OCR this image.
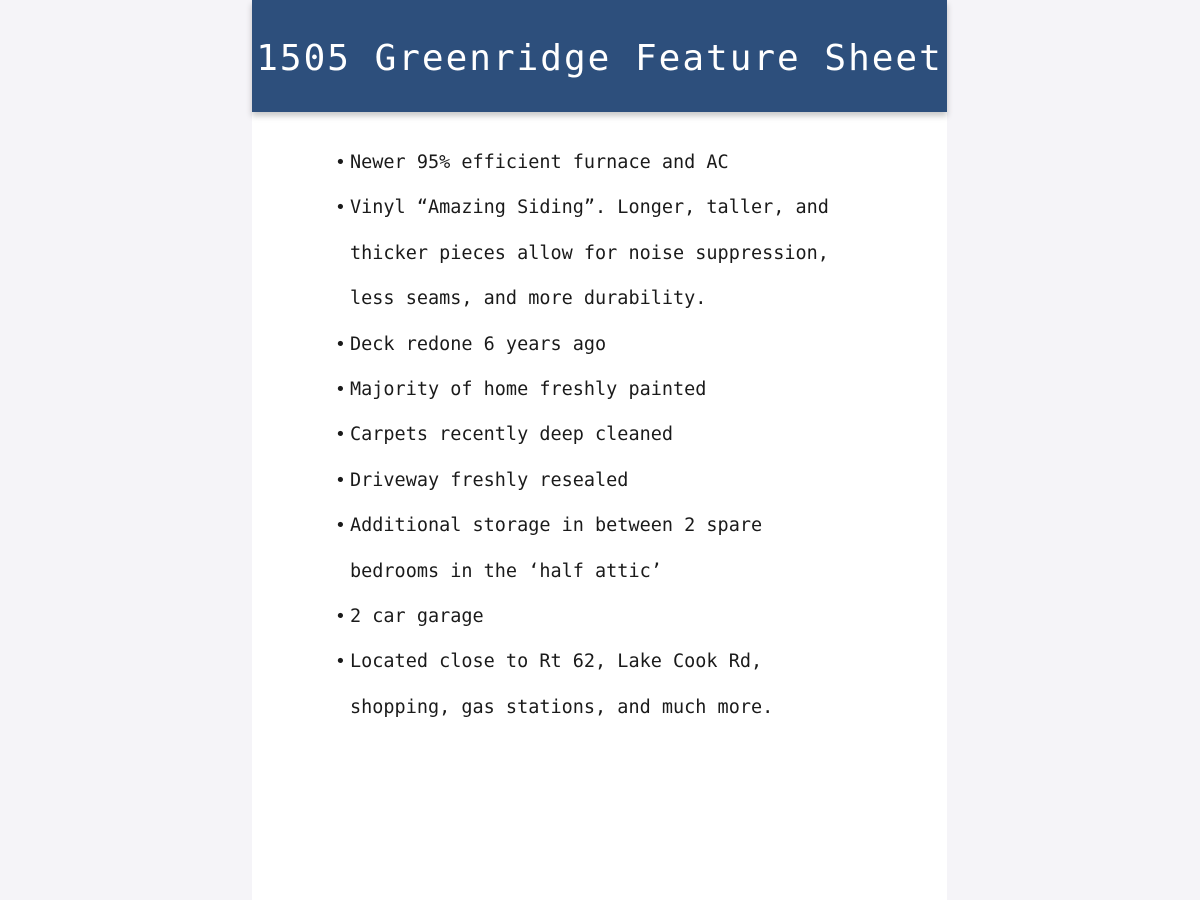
1505 Greenridge Feature Sheet
• Newer 95% efficient furnace and AC
• Vinyl “Amazing Siding”. Longer, taller, and
thicker pieces allow for noise suppression,
less seams, and more durability.
• Deck redone 6 years ago
• Majority of home freshly painted
• Carpets recently deep cleaned
• Driveway freshly resealed
• Additional storage in between 2 spare
bedrooms in the ‘half attic’
• 2 car garage
• Located close to Rt 62, Lake Cook Rd,
shopping, gas stations, and much more.
